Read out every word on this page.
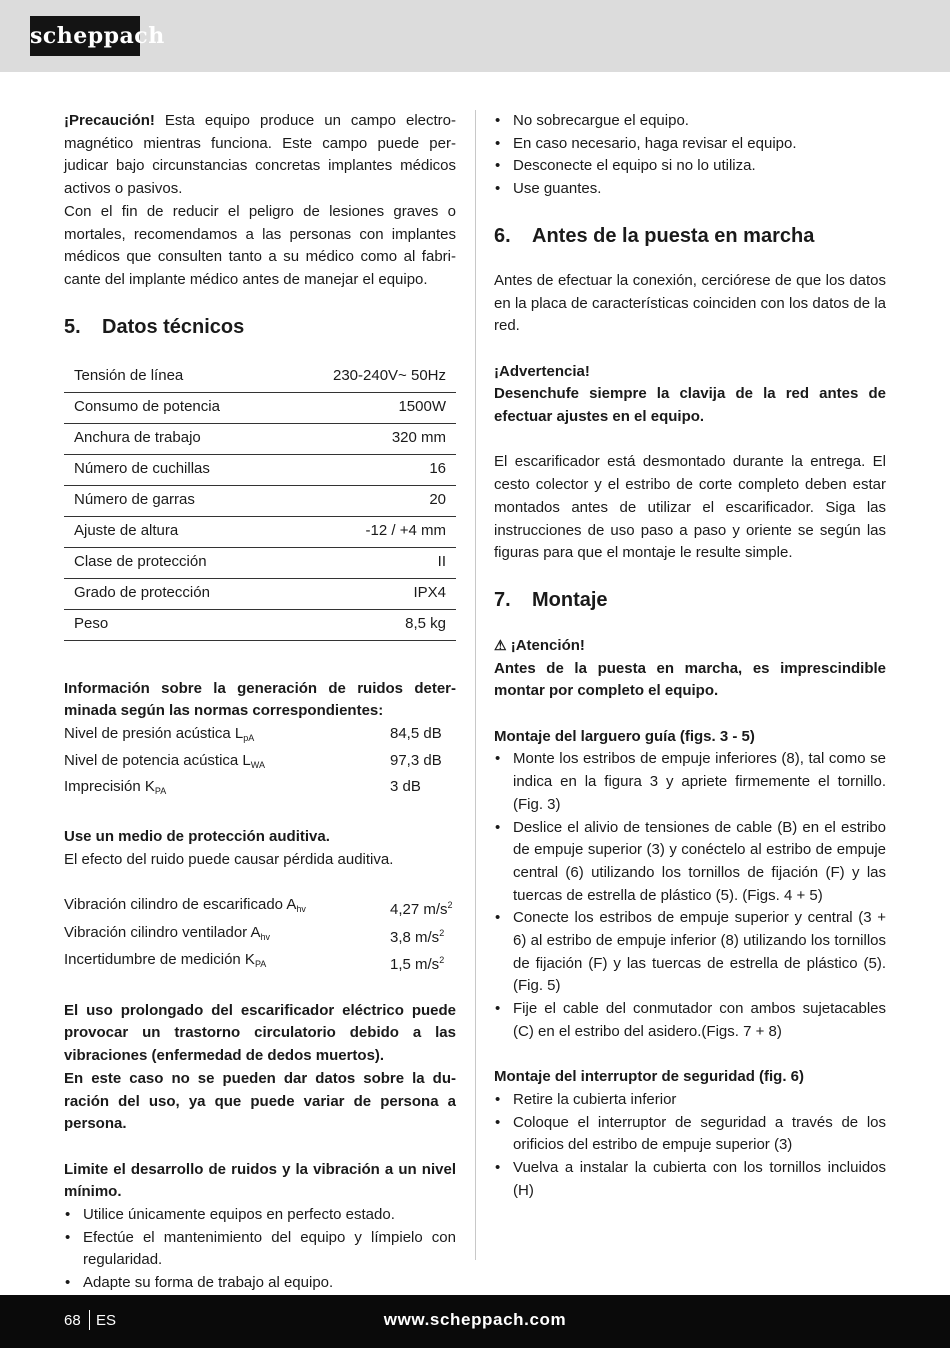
scheppach

¡Precaución! Esta equipo produce un campo electromagnético mientras funciona. Este campo puede perjudicar bajo circunstancias concretas implantes médicos activos o pasivos.

Con el fin de reducir el peligro de lesiones graves o mortales, recomendamos a las personas con implantes médicos que consulten tanto a su médico como al fabricante del implante médico antes de manejar el equipo.

5. Datos técnicos
Tensión de línea	230-240V~ 50Hz
Consumo de potencia	1500W
Anchura de trabajo	320 mm
Número de cuchillas	16
Número de garras	20
Ajuste de altura	-12 / +4 mm
Clase de protección	II
Grado de protección	IPX4
Peso	8,5 kg

Información sobre la generación de ruidos determinada según las normas correspondientes:

Nivel de presión acústica $L_{pA}$	84,5 dB
Nivel de potencia acústica $L_{WA}$	97,3 dB
Imprecisión $K_{PA}$	3 dB

Use un medio de protección auditiva.

El efecto del ruido puede causar pérdida auditiva.

Vibración cilindro de escarificado $A_{hv}$	4,27 $m/s^2$
Vibración cilindro ventilador $A_{hv}$	3,8 $m/s^2$
Incertidumbre de medición $K_{PA}$	1,5 $m/s^2$

El uso prolongado del escarificador eléctrico puede provocar un trastorno circulatorio debido a las vibraciones (enfermedad de dedos muertos).

En este caso no se pueden dar datos sobre la duración del uso, ya que puede variar de persona a persona.

Limite el desarrollo de ruidos y la vibración a un nivel mínimo.

• Utilice únicamente equipos en perfecto estado.
• Efectúe el mantenimiento del equipo y límpielo con regularidad.
• Adapte su forma de trabajo al equipo.
• No sobrecargue el equipo.
• En caso necesario, haga revisar el equipo.
• Desconecte el equipo si no lo utiliza.
• Use guantes.
6. Antes de la puesta en marcha

Antes de efectuar la conexión, cerciórese de que los datos en la placa de características coinciden con los datos de la red.

¡Advertencia!

Desenchufe siempre la clavija de la red antes de efectuar ajustes en el equipo.

El escarificador está desmontado durante la entrega. El cesto colector y el estribo de corte completo deben estar montados antes de utilizar el escarificador. Siga las instrucciones de uso paso a paso y oriente se según las figuras para que el montaje le resulte simple.

7. Montaje

⚠ ¡Atención!

Antes de la puesta en marcha, es imprescindible montar por completo el equipo.

Montaje del larguero guía (figs. 3 - 5)

• Monte los estribos de empuje inferiores (8), tal como se indica en la figura 3 y apriete firmemente el tornillo. (Fig. 3)
• Deslice el alivio de tensiones de cable (B) en el estribo de empuje superior (3) y conéctelo al estribo de empuje central (6) utilizando los tornillos de fijación (F) y las tuercas de estrella de plástico (5). (Figs. 4 + 5)
• Conecte los estribos de empuje superior y central (3 + 6) al estribo de empuje inferior (8) utilizando los tornillos de fijación (F) y las tuercas de estrella de plástico (5). (Fig. 5)
• Fije el cable del conmutador con ambos sujetacables (C) en el estribo del asidero.(Figs. 7 + 8)

Montaje del interruptor de seguridad (fig. 6)

• Retire la cubierta inferior
• Coloque el interruptor de seguridad a través de los orificios del estribo de empuje superior (3)
• Vuelva a instalar la cubierta con los tornillos incluidos (H)
68 ES	www.scheppach.com
